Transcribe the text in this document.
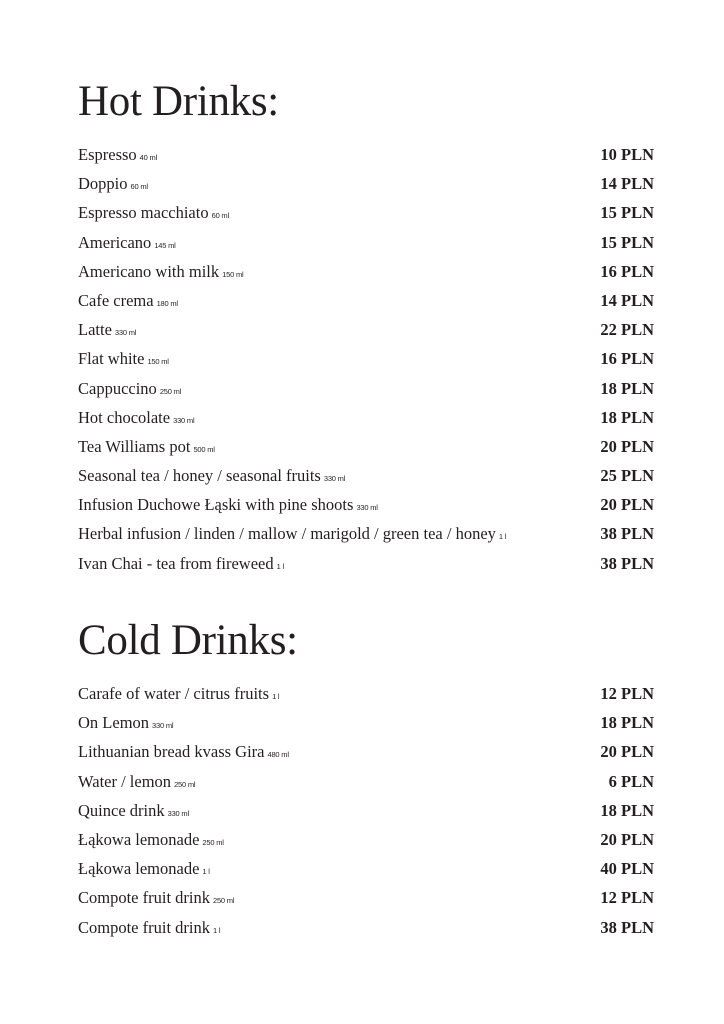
Hot Drinks:
Espresso 40 ml	10 PLN
Doppio 60 ml	14 PLN
Espresso macchiato 60 ml	15 PLN
Americano 145 ml	15 PLN
Americano with milk 150 ml	16 PLN
Cafe crema 180 ml	14 PLN
Latte 330 ml	22 PLN
Flat white 150 ml	16 PLN
Cappuccino 250 ml	18 PLN
Hot chocolate 330 ml	18 PLN
Tea Williams pot 500 ml	20 PLN
Seasonal tea / honey / seasonal fruits 330 ml	25 PLN
Infusion Duchowe Łąski with pine shoots 330 ml	20 PLN
Herbal infusion / linden / mallow / marigold / green tea / honey 1 l	38 PLN
Ivan Chai - tea from fireweed 1 l	38 PLN
Cold Drinks:
Carafe of water / citrus fruits 1 l	12 PLN
On Lemon 330 ml	18 PLN
Lithuanian bread kvass Gira 480 ml	20 PLN
Water / lemon 250 ml	6 PLN
Quince drink 330 ml	18 PLN
Łąkowa lemonade 250 ml	20 PLN
Łąkowa lemonade 1 l	40 PLN
Compote fruit drink 250 ml	12 PLN
Compote fruit drink 1 l	38 PLN
